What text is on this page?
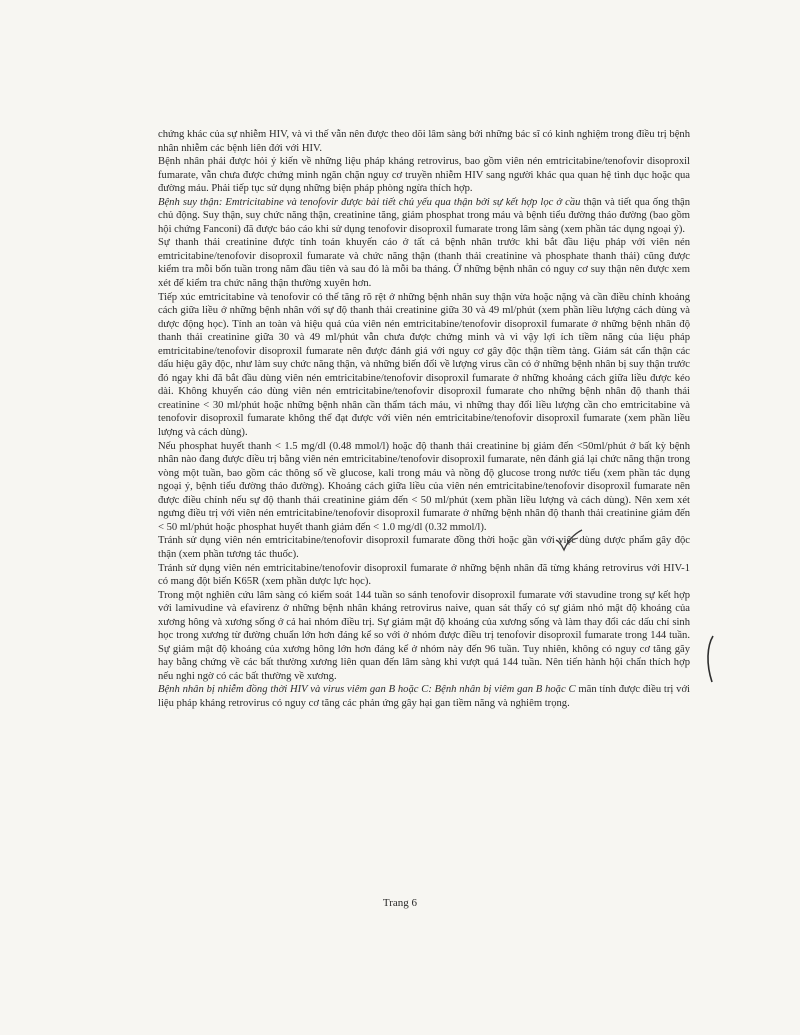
chứng khác của sự nhiễm HIV, và vì thế vẫn nên được theo dõi lâm sàng bởi những bác sĩ có kinh nghiệm trong điều trị bệnh nhân nhiễm các bệnh liên đới với HIV.

Bệnh nhân phải được hỏi ý kiến về những liệu pháp kháng retrovirus, bao gồm viên nén emtricitabine/tenofovir disoproxil fumarate, vẫn chưa được chứng minh ngăn chặn nguy cơ truyền nhiễm HIV sang người khác qua quan hệ tình dục hoặc qua đường máu. Phải tiếp tục sử dụng những biện pháp phòng ngừa thích hợp.

Bệnh suy thận: Emtricitabine và tenofovir được bài tiết chủ yếu qua thận bởi sự kết hợp lọc ở cầu thận và tiết qua ống thận chủ động. Suy thận, suy chức năng thận, creatinine tăng, giảm phosphat trong máu và bệnh tiểu đường tháo đường (bao gồm hội chứng Fanconi) đã được báo cáo khi sử dụng tenofovir disoproxil fumarate trong lâm sàng (xem phần tác dụng ngoại ý).

Sự thanh thải creatinine được tính toán khuyến cáo ở tất cả bệnh nhân trước khi bắt đầu liệu pháp với viên nén emtricitabine/tenofovir disoproxil fumarate và chức năng thận (thanh thải creatinine và phosphate thanh thải) cũng được kiểm tra mỗi bốn tuần trong năm đầu tiên và sau đó là mỗi ba tháng. Ở những bệnh nhân có nguy cơ suy thận nên được xem xét để kiểm tra chức năng thận thường xuyên hơn.

Tiếp xúc emtricitabine và tenofovir có thể tăng rõ rệt ở những bệnh nhân suy thận vừa hoặc nặng và cần điều chỉnh khoảng cách giữa liều ở những bệnh nhân với sự độ thanh thải creatinine giữa 30 và 49 ml/phút (xem phần liều lượng cách dùng và dược động học). Tính an toàn và hiệu quả của viên nén emtricitabine/tenofovir disoproxil fumarate ở những bệnh nhân độ thanh thải creatinine giữa 30 và 49 ml/phút vẫn chưa được chứng minh và vì vậy lợi ích tiềm năng của liệu pháp emtricitabine/tenofovir disoproxil fumarate nên được đánh giá với nguy cơ gây độc thận tiềm tàng. Giám sát cẩn thận các dấu hiệu gây độc, như làm suy chức năng thận, và những biến đổi về lượng virus cần có ở những bệnh nhân bị suy thận trước đó ngay khi đã bắt đầu dùng viên nén emtricitabine/tenofovir disoproxil fumarate ở những khoảng cách giữa liều được kéo dài. Không khuyến cáo dùng viên nén emtricitabine/tenofovir disoproxil fumarate cho những bệnh nhân độ thanh thải creatinine < 30 ml/phút hoặc những bệnh nhân cần thẩm tách máu, vì những thay đổi liều lượng cần cho emtricitabine và tenofovir disoproxil fumarate không thể đạt được với viên nén emtricitabine/tenofovir disoproxil fumarate (xem phần liều lượng và cách dùng).

Nếu phosphat huyết thanh < 1.5 mg/dl (0.48 mmol/l) hoặc độ thanh thải creatinine bị giảm đến <50ml/phút ở bất kỳ bệnh nhân nào đang được điều trị bằng viên nén emtricitabine/tenofovir disoproxil fumarate, nên đánh giá lại chức năng thận trong vòng một tuần, bao gồm các thông số về glucose, kali trong máu và nồng độ glucose trong nước tiểu (xem phần tác dụng ngoại ý, bệnh tiểu đường tháo đường). Khoảng cách giữa liều của viên nén emtricitabine/tenofovir disoproxil fumarate nên được điều chỉnh nếu sự độ thanh thải creatinine giảm đến < 50 ml/phút (xem phần liều lượng và cách dùng). Nên xem xét ngưng điều trị với viên nén emtricitabine/tenofovir disoproxil fumarate ở những bệnh nhân độ thanh thải creatinine giảm đến < 50 ml/phút hoặc phosphat huyết thanh giảm đến < 1.0 mg/dl (0.32 mmol/l).

Tránh sử dụng viên nén emtricitabine/tenofovir disoproxil fumarate đồng thời hoặc gần với việc dùng dược phẩm gây độc thận (xem phần tương tác thuốc).

Tránh sử dụng viên nén emtricitabine/tenofovir disoproxil fumarate ở những bệnh nhân đã từng kháng retrovirus với HIV-1 có mang đột biến K65R (xem phần dược lực học).

Trong một nghiên cứu lâm sàng có kiểm soát 144 tuần so sánh tenofovir disoproxil fumarate với stavudine trong sự kết hợp với lamivudine và efavirenz ở những bệnh nhân kháng retrovirus naive, quan sát thấy có sự giảm nhỏ mật độ khoáng của xương hông và xương sống ở cả hai nhóm điều trị. Sự giảm mật độ khoáng của xương sống và làm thay đổi các dấu chỉ sinh học trong xương từ đường chuẩn lớn hơn đáng kể so với ở nhóm được điều trị tenofovir disoproxil fumarate trong 144 tuần. Sự giảm mật độ khoáng của xương hông lớn hơn đáng kể ở nhóm này đến 96 tuần. Tuy nhiên, không có nguy cơ tăng gãy hay bằng chứng về các bất thường xương liên quan đến lâm sàng khi vượt quá 144 tuần. Nên tiến hành hội chẩn thích hợp nếu nghi ngờ có các bất thường về xương.

Bệnh nhân bị nhiễm đồng thời HIV và virus viêm gan B hoặc C: Bệnh nhân bị viêm gan B hoặc C mãn tính được điều trị với liệu pháp kháng retrovirus có nguy cơ tăng các phản ứng gây hại gan tiềm năng và nghiêm trọng.

Trang 6
